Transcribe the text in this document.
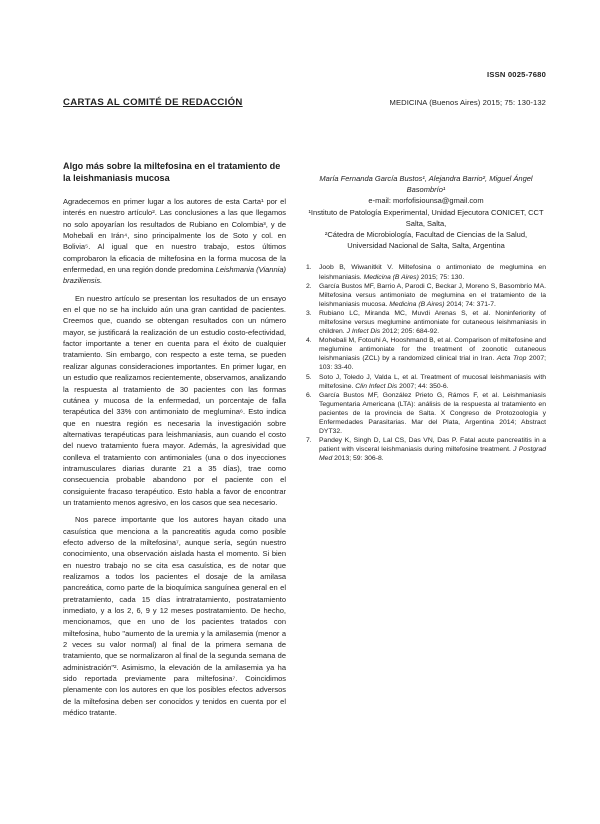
ISSN 0025-7680
CARTAS AL COMITÉ DE REDACCIÓN	MEDICINA (Buenos Aires) 2015; 75: 130-132
Algo más sobre la miltefosina en el tratamiento de la leishmaniasis mucosa

Agradecemos en primer lugar a los autores de esta Carta¹ por el interés en nuestro artículo². Las conclusiones a las que llegamos no solo apoyarían los resultados de Rubiano en Colombia³, y de Mohebali en Irán⁴, sino principalmente los de Soto y col. en Bolivia⁵. Al igual que en nuestro trabajo, estos últimos comprobaron la eficacia de miltefosina en la forma mucosa de la enfermedad, en una región donde predomina Leishmania (Viannia) braziliensis.

En nuestro artículo se presentan los resultados de un ensayo en el que no se ha incluido aún una gran cantidad de pacientes. Creemos que, cuando se obtengan resultados con un número mayor, se justificará la realización de un estudio costo-efectividad, factor importante a tener en cuenta para el éxito de cualquier tratamiento. Sin embargo, con respecto a este tema, se pueden realizar algunas consideraciones importantes. En primer lugar, en un estudio que realizamos recientemente, observamos, analizando la respuesta al tratamiento de 30 pacientes con las formas cutánea y mucosa de la enfermedad, un porcentaje de falla terapéutica del 33% con antimoniato de meglumina⁶. Esto indica que en nuestra región es necesaria la investigación sobre alternativas terapéuticas para leishmaniasis, aun cuando el costo del nuevo tratamiento fuera mayor. Además, la agresividad que conlleva el tratamiento con antimoniales (una o dos inyecciones intramusculares diarias durante 21 a 35 días), trae como consecuencia probable abandono por el paciente con el consiguiente fracaso terapéutico. Esto habla a favor de encontrar un tratamiento menos agresivo, en los casos que sea necesario.

Nos parece importante que los autores hayan citado una casuística que menciona a la pancreatitis aguda como posible efecto adverso de la miltefosina⁷, aunque sería, según nuestro conocimiento, una observación aislada hasta el momento. Si bien en nuestro trabajo no se cita esa casuística, es de notar que realizamos a todos los pacientes el dosaje de la amilasa pancreática, como parte de la bioquímica sanguínea general en el pretratamiento, cada 15 días intratratamiento, postratamiento inmediato, y a los 2, 6, 9 y 12 meses postratamiento. De hecho, mencionamos, que en uno de los pacientes tratados con miltefosina, hubo "aumento de la uremia y la amilasemia (menor a 2 veces su valor normal) al final de la primera semana de tratamiento, que se normalizaron al final de la segunda semana de administración"². Asimismo, la elevación de la amilasemia ya ha sido reportada previamente para miltefosina⁷. Coincidimos plenamente con los autores en que los posibles efectos adversos de la miltefosina deben ser conocidos y tenidos en cuenta por el médico tratante.

María Fernanda García Bustos¹, Alejandra Barrio², Miguel Ángel Basombrío¹
e-mail: morfofisiounsa@gmail.com
¹Instituto de Patología Experimental, Unidad Ejecutora CONICET, CCT Salta, Salta,
²Cátedra de Microbiología, Facultad de Ciencias de la Salud, Universidad Nacional de Salta, Salta, Argentina
1. Joob B, Wiwanitkit V. Miltefosina o antimoniato de meglumina en leishmaniasis. Medicina (B Aires) 2015; 75: 130.
2. García Bustos MF, Barrio A, Parodi C, Beckar J, Moreno S, Basombrío MA. Miltefosina versus antimoniato de meglumina en el tratamiento de la leishmaniasis mucosa. Medicina (B Aires) 2014; 74: 371-7.
3. Rubiano LC, Miranda MC, Muvdi Arenas S, et al. Noninferiority of miltefosine versus meglumine antimoniate for cutaneous leishmaniasis in children. J Infect Dis 2012; 205: 684-92.
4. Mohebali M, Fotouhi A, Hooshmand B, et al. Comparison of miltefosine and meglumine antimoniate for the treatment of zoonotic cutaneous leishmaniasis (ZCL) by a randomized clinical trial in Iran. Acta Trop 2007; 103: 33-40.
5. Soto J, Toledo J, Valda L, et al. Treatment of mucosal leishmaniasis with miltefosine. Clin Infect Dis 2007; 44: 350-6.
6. García Bustos MF, González Prieto G, Rámos F, et al. Leishmaniasis Tegumentaria Americana (LTA): análisis de la respuesta al tratamiento en pacientes de la provincia de Salta. X Congreso de Protozoología y Enfermedades Parasitarias. Mar del Plata, Argentina 2014; Abstract DYT32.
7. Pandey K, Singh D, Lal CS, Das VN, Das P. Fatal acute pancreatitis in a patient with visceral leishmaniasis during miltefosine treatment. J Postgrad Med 2013; 59: 306-8.
